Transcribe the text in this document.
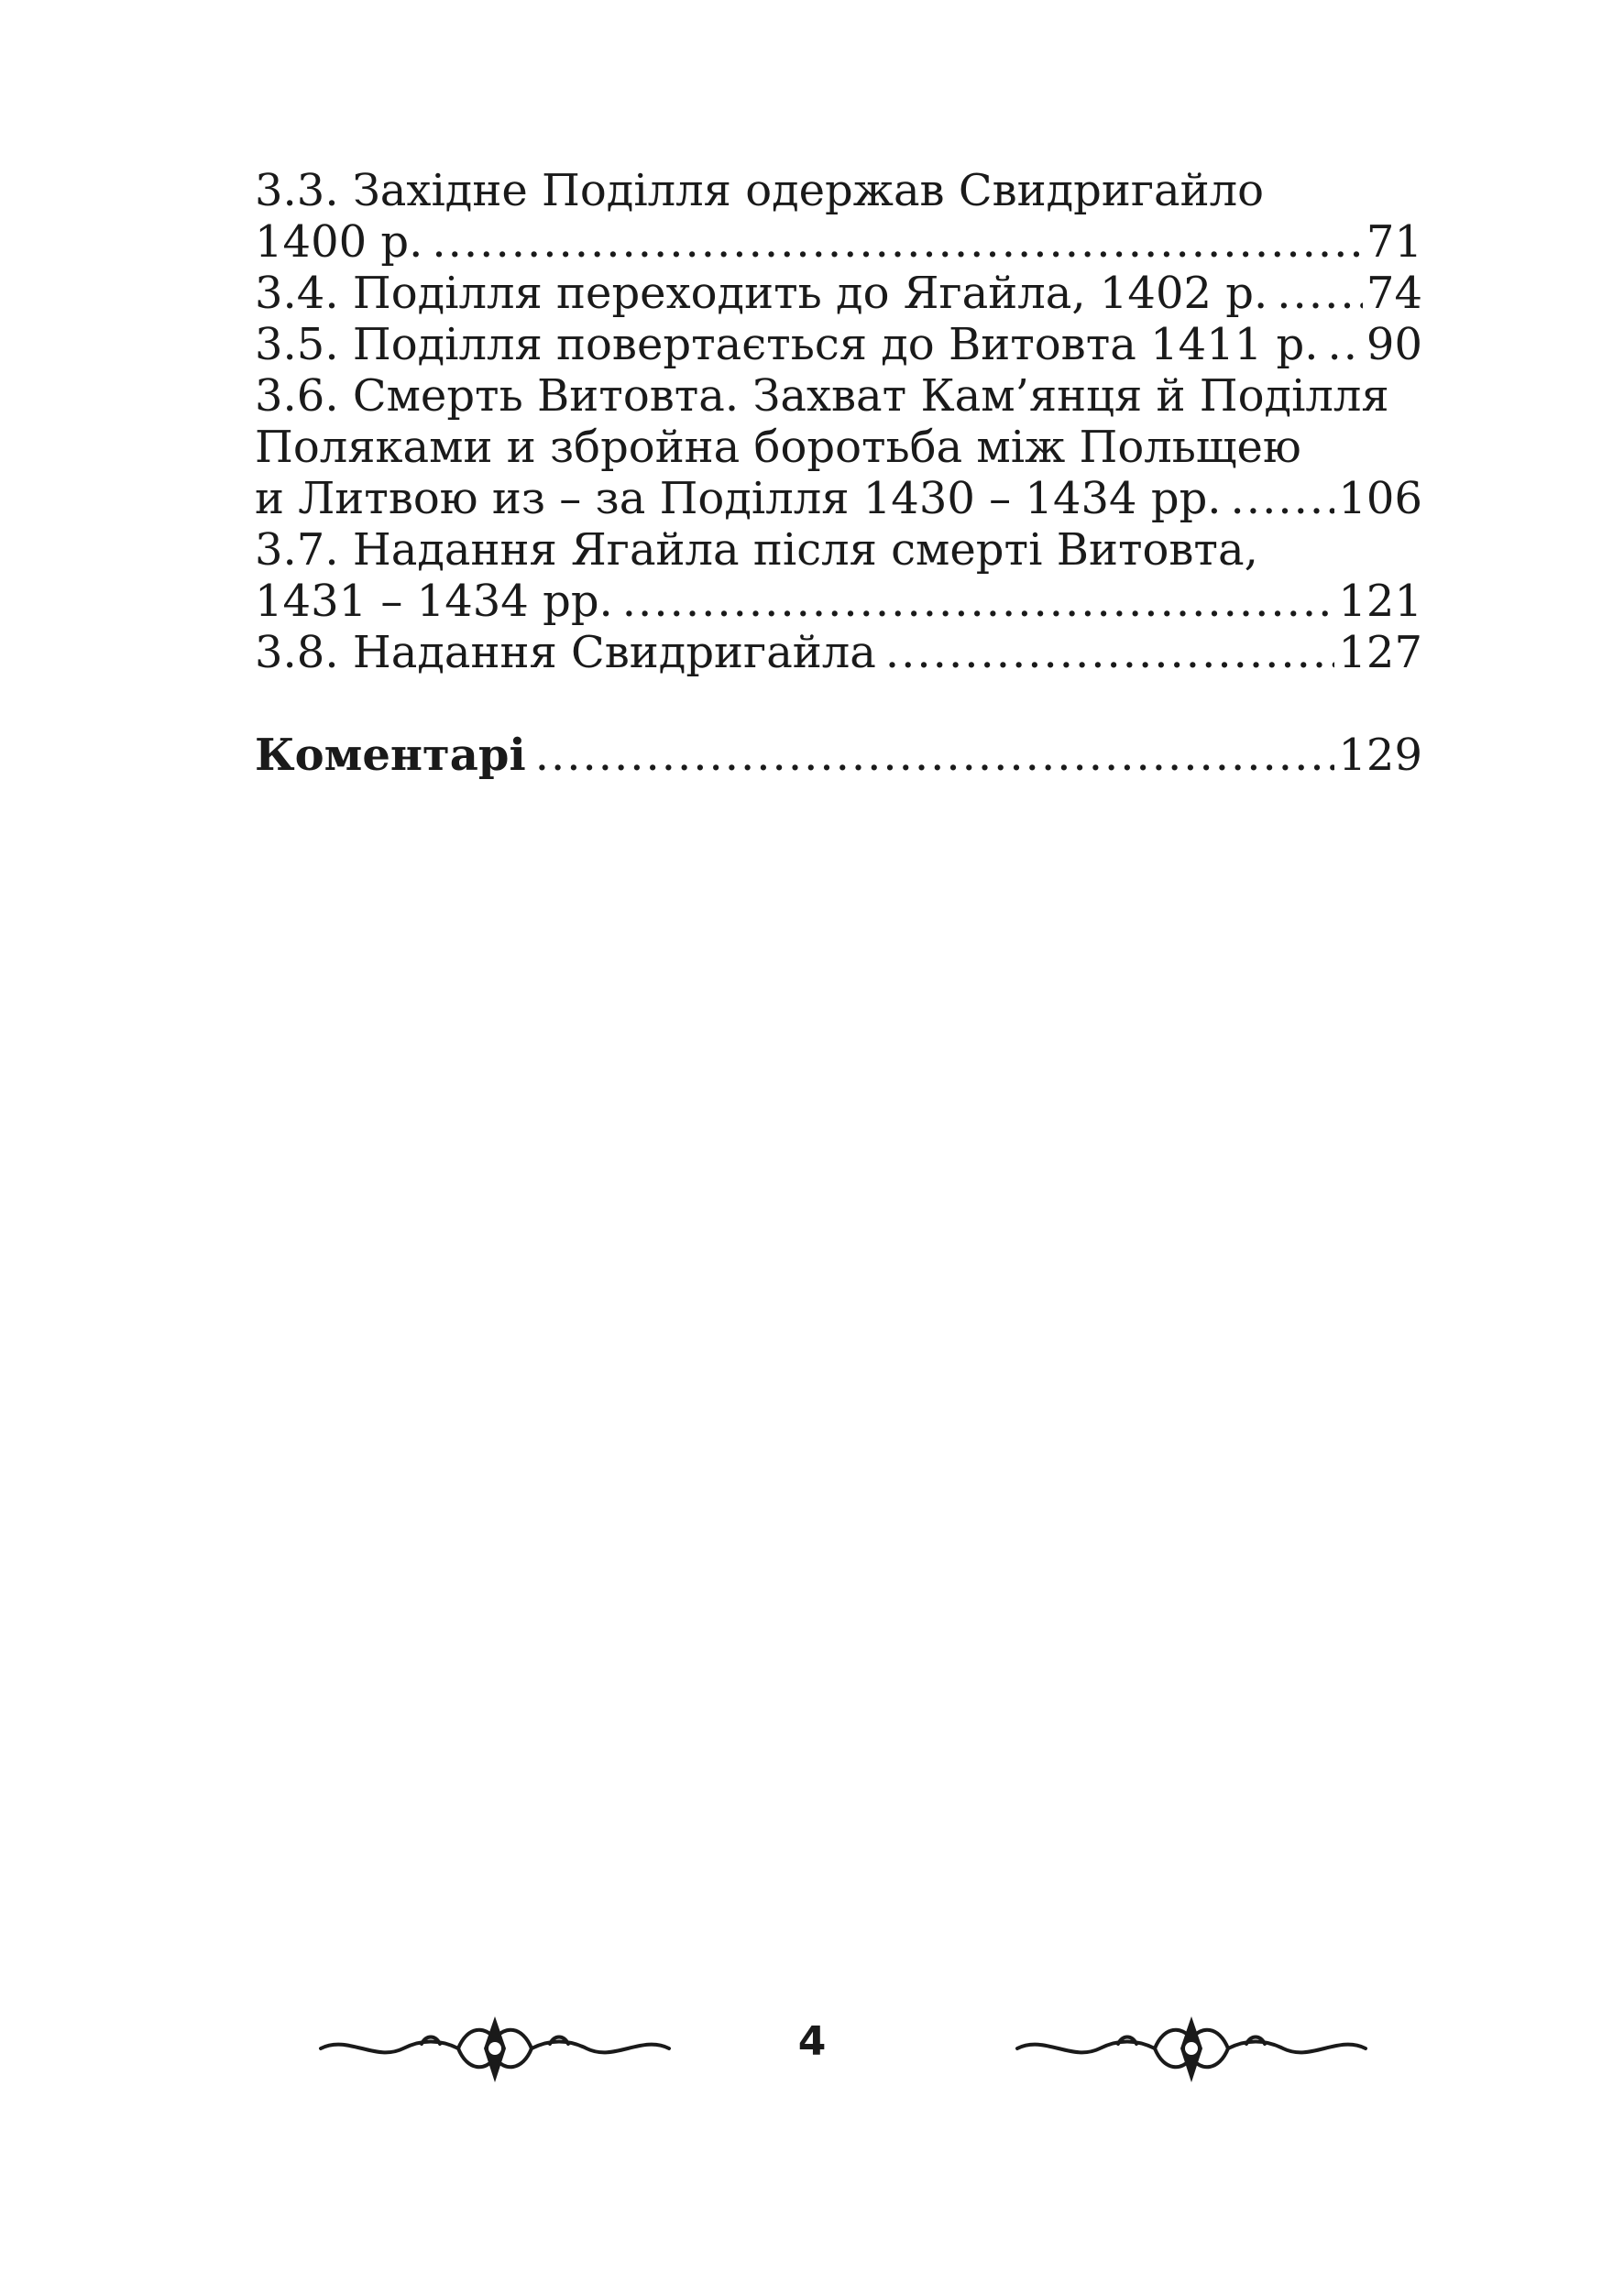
3.3. Західне Поділля одержав Свидригайло
1400 р. .....	71
3.4. Поділля переходить до Ягайла, 1402 р. ..... 74
3.5. Поділля повертається до Витовта 1411 р. ..... 90
3.6. Смерть Витовта. Захват Кам’янця й Поділля
Поляками и збройна боротьба між Польщею
и Литвою из – за Поділля 1430 – 1434 рр. .....	106
3.7. Надання Ягайла після смерті Витовта,
1431 – 1434 рр. .....	121
3.8. Надання Свидригайла .....	127
Коментарі .....	129
4
